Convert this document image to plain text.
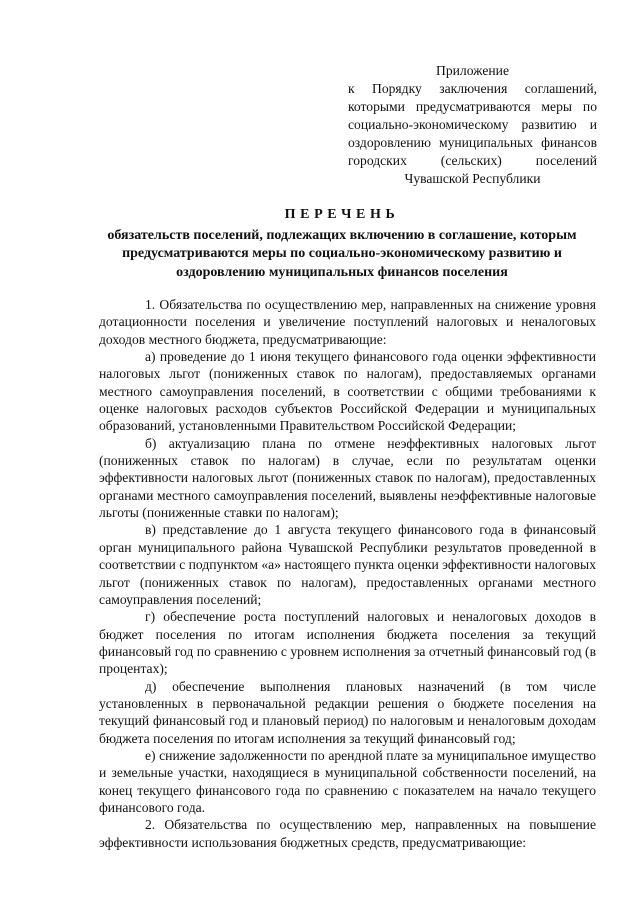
Приложение

к Порядку заключения соглашений, которыми предусматриваются меры по социально-экономическому развитию и оздоровлению муниципальных финансов городских (сельских) поселений Чувашской Республики

ПЕРЕЧЕНЬ

обязательств поселений, подлежащих включению в соглашение, которым предусматриваются меры по социально-экономическому развитию и оздоровлению муниципальных финансов поселения

1. Обязательства по осуществлению мер, направленных на снижение уровня дотационности поселения и увеличение поступлений налоговых и неналоговых доходов местного бюджета, предусматривающие:

а) проведение до 1 июня текущего финансового года оценки эффективности налоговых льгот (пониженных ставок по налогам), предоставляемых органами местного самоуправления поселений, в соответствии с общими требованиями к оценке налоговых расходов субъектов Российской Федерации и муниципальных образований, установленными Правительством Российской Федерации;

б) актуализацию плана по отмене неэффективных налоговых льгот (пониженных ставок по налогам) в случае, если по результатам оценки эффективности налоговых льгот (пониженных ставок по налогам), предоставленных органами местного самоуправления поселений, выявлены неэффективные налоговые льготы (пониженные ставки по налогам);

в) представление до 1 августа текущего финансового года в финансовый орган муниципального района Чувашской Республики результатов проведенной в соответствии с подпунктом «а» настоящего пункта оценки эффективности налоговых льгот (пониженных ставок по налогам), предоставленных органами местного самоуправления поселений;

г) обеспечение роста поступлений налоговых и неналоговых доходов в бюджет поселения по итогам исполнения бюджета поселения за текущий финансовый год по сравнению с уровнем исполнения за отчетный финансовый год (в процентах);

д) обеспечение выполнения плановых назначений (в том числе установленных в первоначальной редакции решения о бюджете поселения на текущий финансовый год и плановый период) по налоговым и неналоговым доходам бюджета поселения по итогам исполнения за текущий финансовый год;

е) снижение задолженности по арендной плате за муниципальное имущество и земельные участки, находящиеся в муниципальной собственности поселений, на конец текущего финансового года по сравнению с показателем на начало текущего финансового года.

2. Обязательства по осуществлению мер, направленных на повышение эффективности использования бюджетных средств, предусматривающие:
